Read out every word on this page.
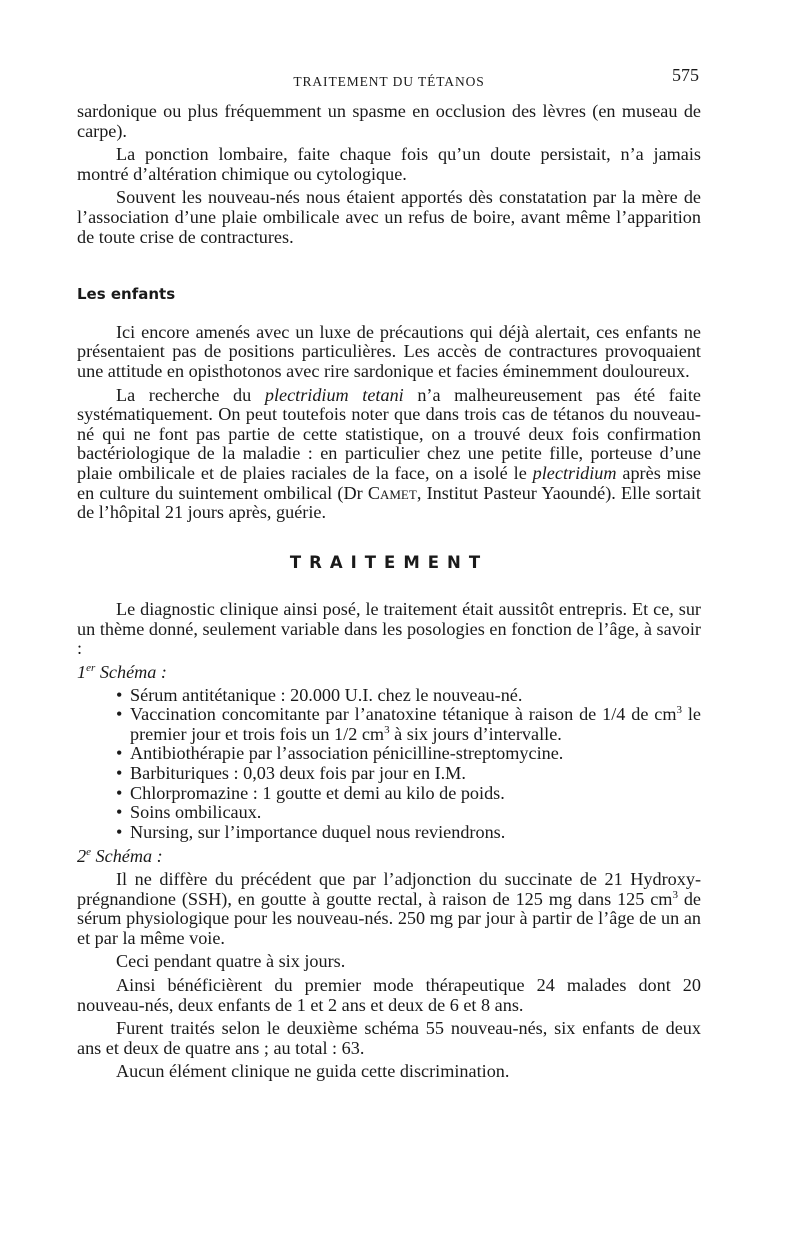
TRAITEMENT DU TÉTANOS	575

sardonique ou plus fréquemment un spasme en occlusion des lèvres (en museau de carpe).

La ponction lombaire, faite chaque fois qu’un doute persistait, n’a jamais montré d’altération chimique ou cytologique.

Souvent les nouveau-nés nous étaient apportés dès constatation par la mère de l’association d’une plaie ombilicale avec un refus de boire, avant même l’apparition de toute crise de contractures.

Les enfants

Ici encore amenés avec un luxe de précautions qui déjà alertait, ces enfants ne présentaient pas de positions particulières. Les accès de contractures provoquaient une attitude en opisthotonos avec rire sardonique et facies éminemment douloureux.

La recherche du plectridium tetani n’a malheureusement pas été faite systématiquement. On peut toutefois noter que dans trois cas de tétanos du nouveau-né qui ne font pas partie de cette statistique, on a trouvé deux fois confirmation bactériologique de la maladie : en particulier chez une petite fille, porteuse d’une plaie ombilicale et de plaies raciales de la face, on a isolé le plectridium après mise en culture du suintement ombilical (Dr Camet, Institut Pasteur Yaoundé). Elle sortait de l’hôpital 21 jours après, guérie.

TRAITEMENT

Le diagnostic clinique ainsi posé, le traitement était aussitôt entrepris. Et ce, sur un thème donné, seulement variable dans les posologies en fonction de l’âge, à savoir :

1er Schéma :
• Sérum antitétanique : 20.000 U.I. chez le nouveau-né.
• Vaccination concomitante par l’anatoxine tétanique à raison de 1/4 de $cm^3$ le premier jour et trois fois un 1/2 $cm^3$ à six jours d’intervalle.
• Antibiothérapie par l’association pénicilline-streptomycine.
• Barbituriques : 0,03 deux fois par jour en I.M.
• Chlorpromazine : 1 goutte et demi au kilo de poids.
• Soins ombilicaux.
• Nursing, sur l’importance duquel nous reviendrons.
2e Schéma :

Il ne diffère du précédent que par l’adjonction du succinate de 21 Hydroxyprégnandione (SSH), en goutte à goutte rectal, à raison de 125 mg dans 125 $cm^3$ de sérum physiologique pour les nouveau-nés. 250 mg par jour à partir de l’âge de un an et par la même voie.

Ceci pendant quatre à six jours.

Ainsi bénéficièrent du premier mode thérapeutique 24 malades dont 20 nouveau-nés, deux enfants de 1 et 2 ans et deux de 6 et 8 ans.

Furent traités selon le deuxième schéma 55 nouveau-nés, six enfants de deux ans et deux de quatre ans ; au total : 63.

Aucun élément clinique ne guida cette discrimination.
